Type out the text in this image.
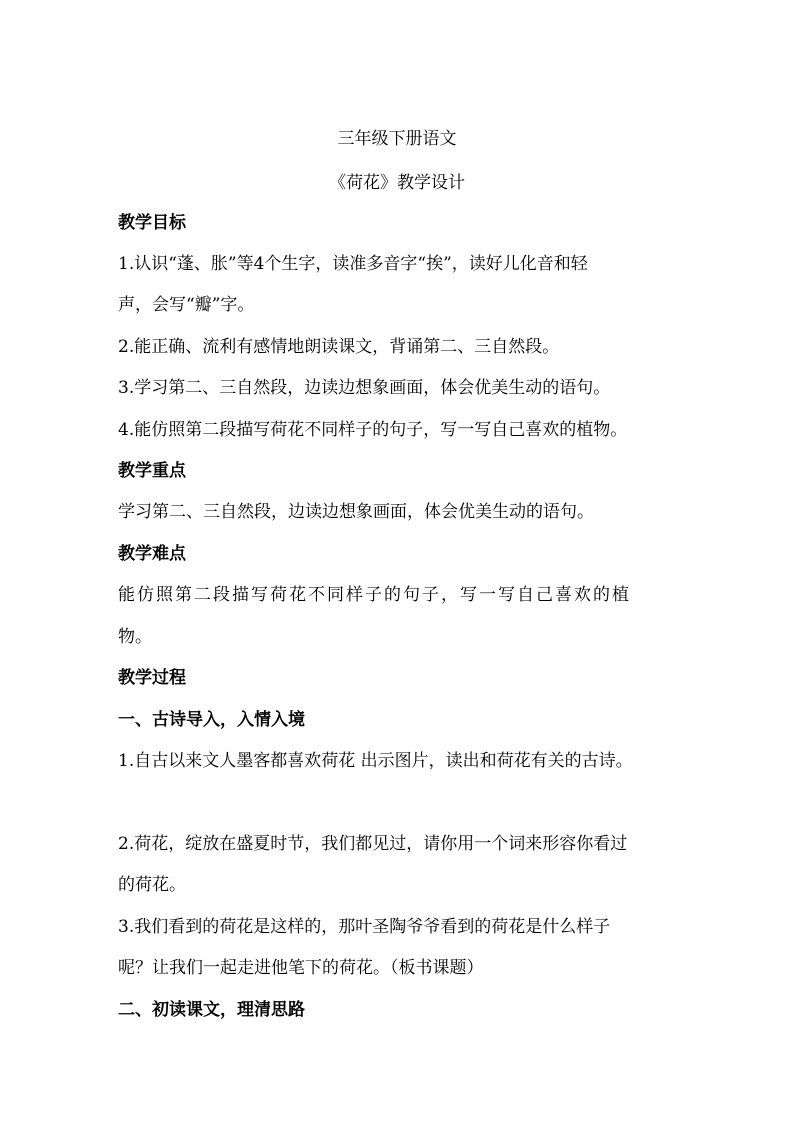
三年级下册语文
《荷花》教学设计
教学目标
1.认识“蓬、胀”等4个生字，读准多音字“挨”，读好儿化音和轻
声，会写“瓣”字。
2.能正确、流利有感情地朗读课文，背诵第二、三自然段。
3.学习第二、三自然段，边读边想象画面，体会优美生动的语句。
4.能仿照第二段描写荷花不同样子的句子，写一写自己喜欢的植物。
教学重点
学习第二、三自然段，边读边想象画面，体会优美生动的语句。
教学难点
能仿照第二段描写荷花不同样子的句子，写一写自己喜欢的植
物。
教学过程
一、古诗导入，入情入境
1.自古以来文人墨客都喜欢荷花 出示图片，读出和荷花有关的古诗。
2.荷花，绽放在盛夏时节，我们都见过，请你用一个词来形容你看过
的荷花。
3.我们看到的荷花是这样的，那叶圣陶爷爷看到的荷花是什么样子
呢？让我们一起走进他笔下的荷花。（板书课题）
二、初读课文，理清思路
